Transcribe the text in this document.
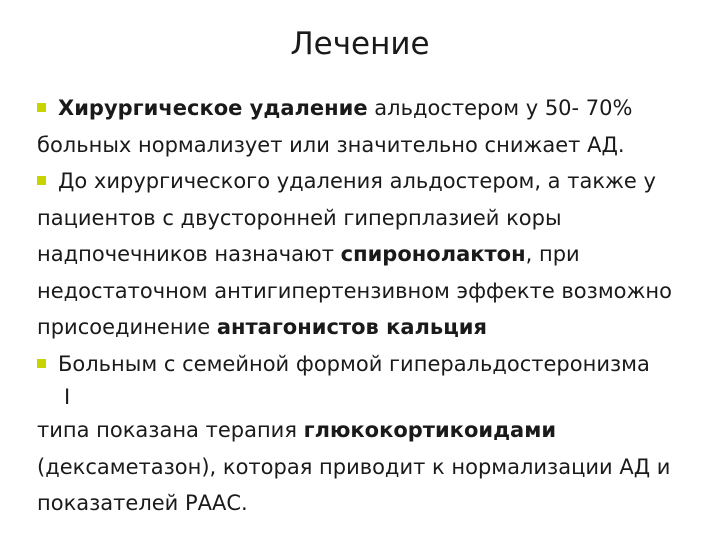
Лечение
Хирургическое удаление альдостером у 50- 70%
больных нормализует или значительно снижает АД.
До хирургического удаления альдостером, а также у
пациентов с двусторонней гиперплазией коры
надпочечников назначают спиронолактон, при
недостаточном антигипертензивном эффекте возможно
присоединение антагонистов кальция
Больным с семейной формой гиперальдостеронизма
I
типа показана терапия глюкокортикоидами
(дексаметазон), которая приводит к нормализации АД и
показателей РААС.
